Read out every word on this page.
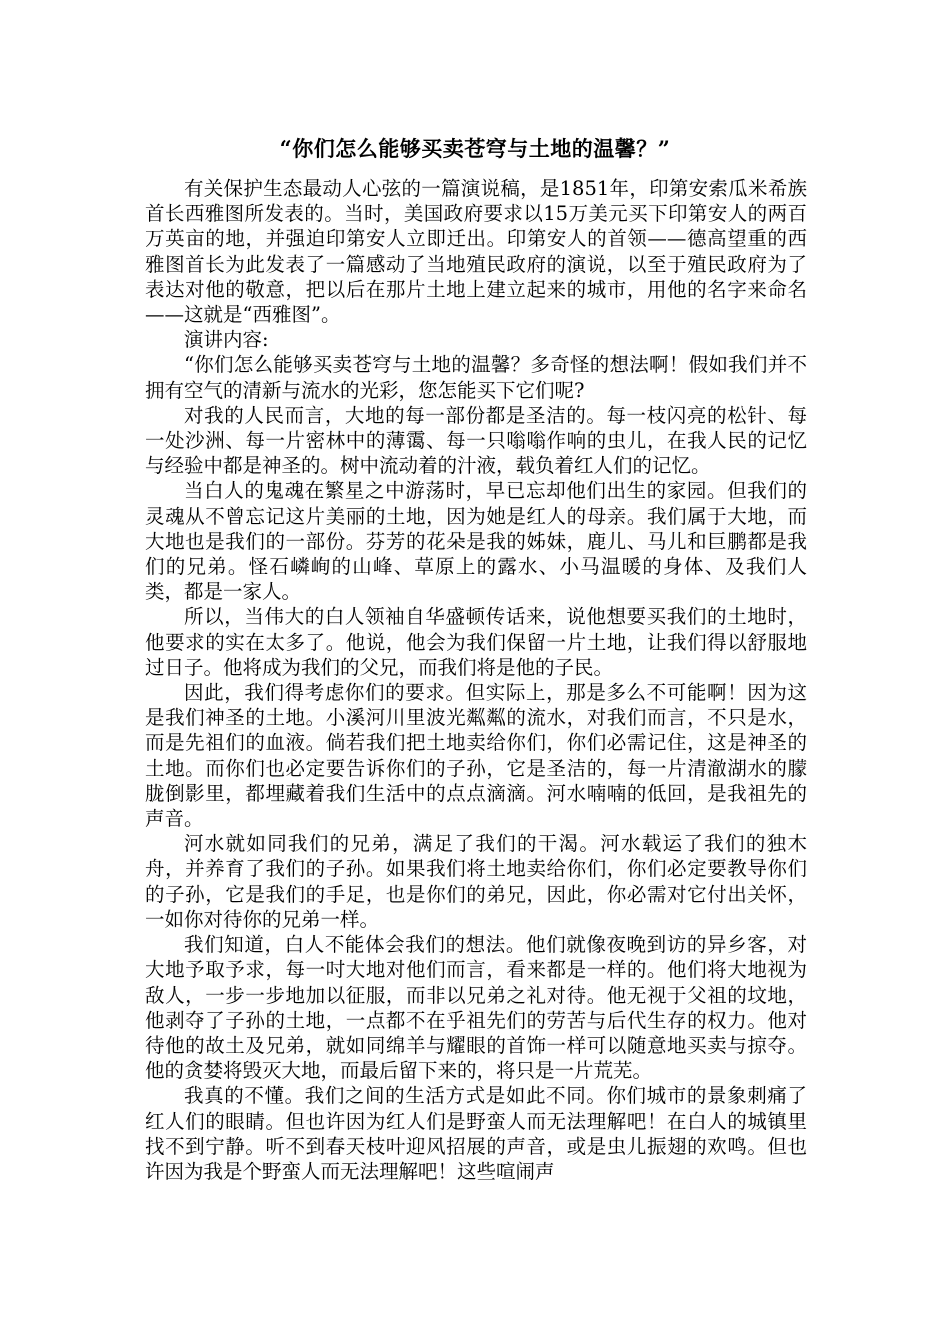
“你们怎么能够买卖苍穹与土地的温馨？”

有关保护生态最动人心弦的一篇演说稿，是1851年，印第安索瓜米希族首长西雅图所发表的。当时，美国政府要求以15万美元买下印第安人的两百万英亩的地，并强迫印第安人立即迁出。印第安人的首领——德高望重的西雅图首长为此发表了一篇感动了当地殖民政府的演说，以至于殖民政府为了表达对他的敬意，把以后在那片土地上建立起来的城市，用他的名字来命名——这就是“西雅图”。

演讲内容:

“你们怎么能够买卖苍穹与土地的温馨？多奇怪的想法啊！假如我们并不拥有空气的清新与流水的光彩，您怎能买下它们呢?

对我的人民而言，大地的每一部份都是圣洁的。每一枝闪亮的松针、每一处沙洲、每一片密林中的薄霭、每一只嗡嗡作响的虫儿，在我人民的记忆与经验中都是神圣的。树中流动着的汁液，载负着红人们的记忆。

当白人的鬼魂在繁星之中游荡时，早已忘却他们出生的家园。但我们的灵魂从不曾忘记这片美丽的土地，因为她是红人的母亲。我们属于大地，而大地也是我们的一部份。芬芳的花朵是我的姊妹，鹿儿、马儿和巨鹏都是我们的兄弟。怪石嶙峋的山峰、草原上的露水、小马温暖的身体、及我们人类，都是一家人。

所以，当伟大的白人领袖自华盛顿传话来，说他想要买我们的土地时，他要求的实在太多了。他说，他会为我们保留一片土地，让我们得以舒服地过日子。他将成为我们的父兄，而我们将是他的子民。

因此，我们得考虑你们的要求。但实际上，那是多么不可能啊！因为这是我们神圣的土地。小溪河川里波光粼粼的流水，对我们而言，不只是水，而是先祖们的血液。倘若我们把土地卖给你们，你们必需记住，这是神圣的土地。而你们也必定要告诉你们的子孙，它是圣洁的，每一片清澈湖水的朦胧倒影里，都埋藏着我们生活中的点点滴滴。河水喃喃的低回，是我祖先的声音。

河水就如同我们的兄弟，满足了我们的干渴。河水载运了我们的独木舟，并养育了我们的子孙。如果我们将土地卖给你们，你们必定要教导你们的子孙，它是我们的手足，也是你们的弟兄，因此，你必需对它付出关怀，一如你对待你的兄弟一样。

我们知道，白人不能体会我们的想法。他们就像夜晚到访的异乡客，对大地予取予求，每一吋大地对他们而言，看来都是一样的。他们将大地视为敌人，一步一步地加以征服，而非以兄弟之礼对待。他无视于父祖的坟地，他剥夺了子孙的土地，一点都不在乎祖先们的劳苦与后代生存的权力。他对待他的故土及兄弟，就如同绵羊与耀眼的首饰一样可以随意地买卖与掠夺。他的贪婪将毁灭大地，而最后留下来的，将只是一片荒芜。

我真的不懂。我们之间的生活方式是如此不同。你们城市的景象刺痛了红人们的眼睛。但也许因为红人们是野蛮人而无法理解吧！在白人的城镇里找不到宁静。听不到春天枝叶迎风招展的声音，或是虫儿振翅的欢鸣。但也许因为我是个野蛮人而无法理解吧！这些喧闹声
